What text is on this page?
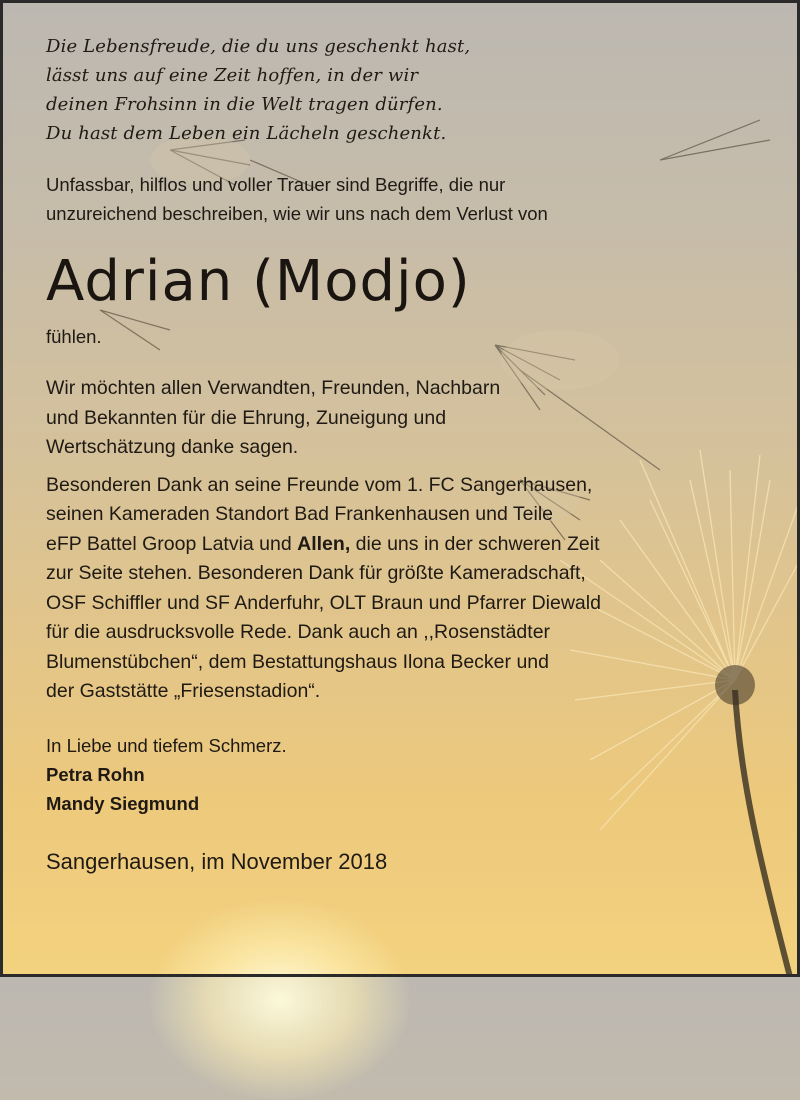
Die Lebensfreude, die du uns geschenkt hast,
lässt uns auf eine Zeit hoffen, in der wir
deinen Frohsinn in die Welt tragen dürfen.
Du hast dem Leben ein Lächeln geschenkt.
Unfassbar, hilflos und voller Trauer sind Begriffe, die nur
unzureichend beschreiben, wie wir uns nach dem Verlust von
Adrian (Modjo)
fühlen.
Wir möchten allen Verwandten, Freunden, Nachbarn
und Bekannten für die Ehrung, Zuneigung und
Wertschätzung danke sagen.
Besonderen Dank an seine Freunde vom 1. FC Sangerhausen,
seinen Kameraden Standort Bad Frankenhausen und Teile
eFP Battel Groop Latvia und Allen, die uns in der schweren Zeit
zur Seite stehen. Besonderen Dank für größte Kameradschaft,
OSF Schiffler und SF Anderfuhr, OLT Braun und Pfarrer Diewald
für die ausdrucksvolle Rede. Dank auch an ,,Rosenstädter
Blumenstübchen“, dem Bestattungshaus Ilona Becker und
der Gaststätte „Friesenstadion“.
In Liebe und tiefem Schmerz.
Petra Rohn
Mandy Siegmund
Sangerhausen, im November 2018
